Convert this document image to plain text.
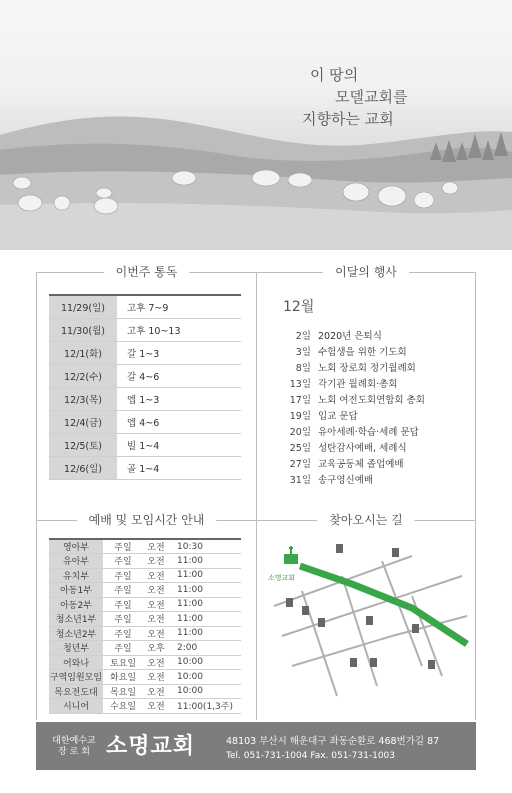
이 땅의
모델교회를
지향하는 교회
이번주 통독	이달의 행사
예배 및 모임시간 안내	찾아오시는 길
11/29(일)	고후 7~9
11/30(월)	고후 10~13
12/1(화)	갈 1~3
12/2(수)	갈 4~6
12/3(목)	엡 1~3
12/4(금)	엡 4~6
12/5(토)	빌 1~4
12/6(일)	골 1~4
12월
2일 2020년 은퇴식
3일 수험생을 위한 기도회
8일 노회 장로회 정기월례회
13일 각기관 월례회·총회
17일 노회 여전도회연합회 총회
19일 입교 문답
20일 유아세례·학습·세례 문답
25일 성탄감사예배, 세례식
27일 교육공동체 졸업예배
31일 송구영신예배
영아부	주일	오전	10:30
유아부	주일	오전	11:00
유치부	주일	오전	11:00
아동1부	주일	오전	11:00
아동2부	주일	오전	11:00
청소년1부	주일	오전	11:00
청소년2부	주일	오전	11:00
청년부	주일	오후	2:00
어와나	토요일	오전	10:00
구역임원모임	화요일	오전	10:00
목요전도대	목요일	오전	10:00
시니어	수요일	오전	11:00(1,3주)
소명교회
대한예수교
장 로 회 소명교회	48103 부산시 해운대구 좌동순환로 468번가길 87
Tel. 051-731-1004 Fax. 051-731-1003
